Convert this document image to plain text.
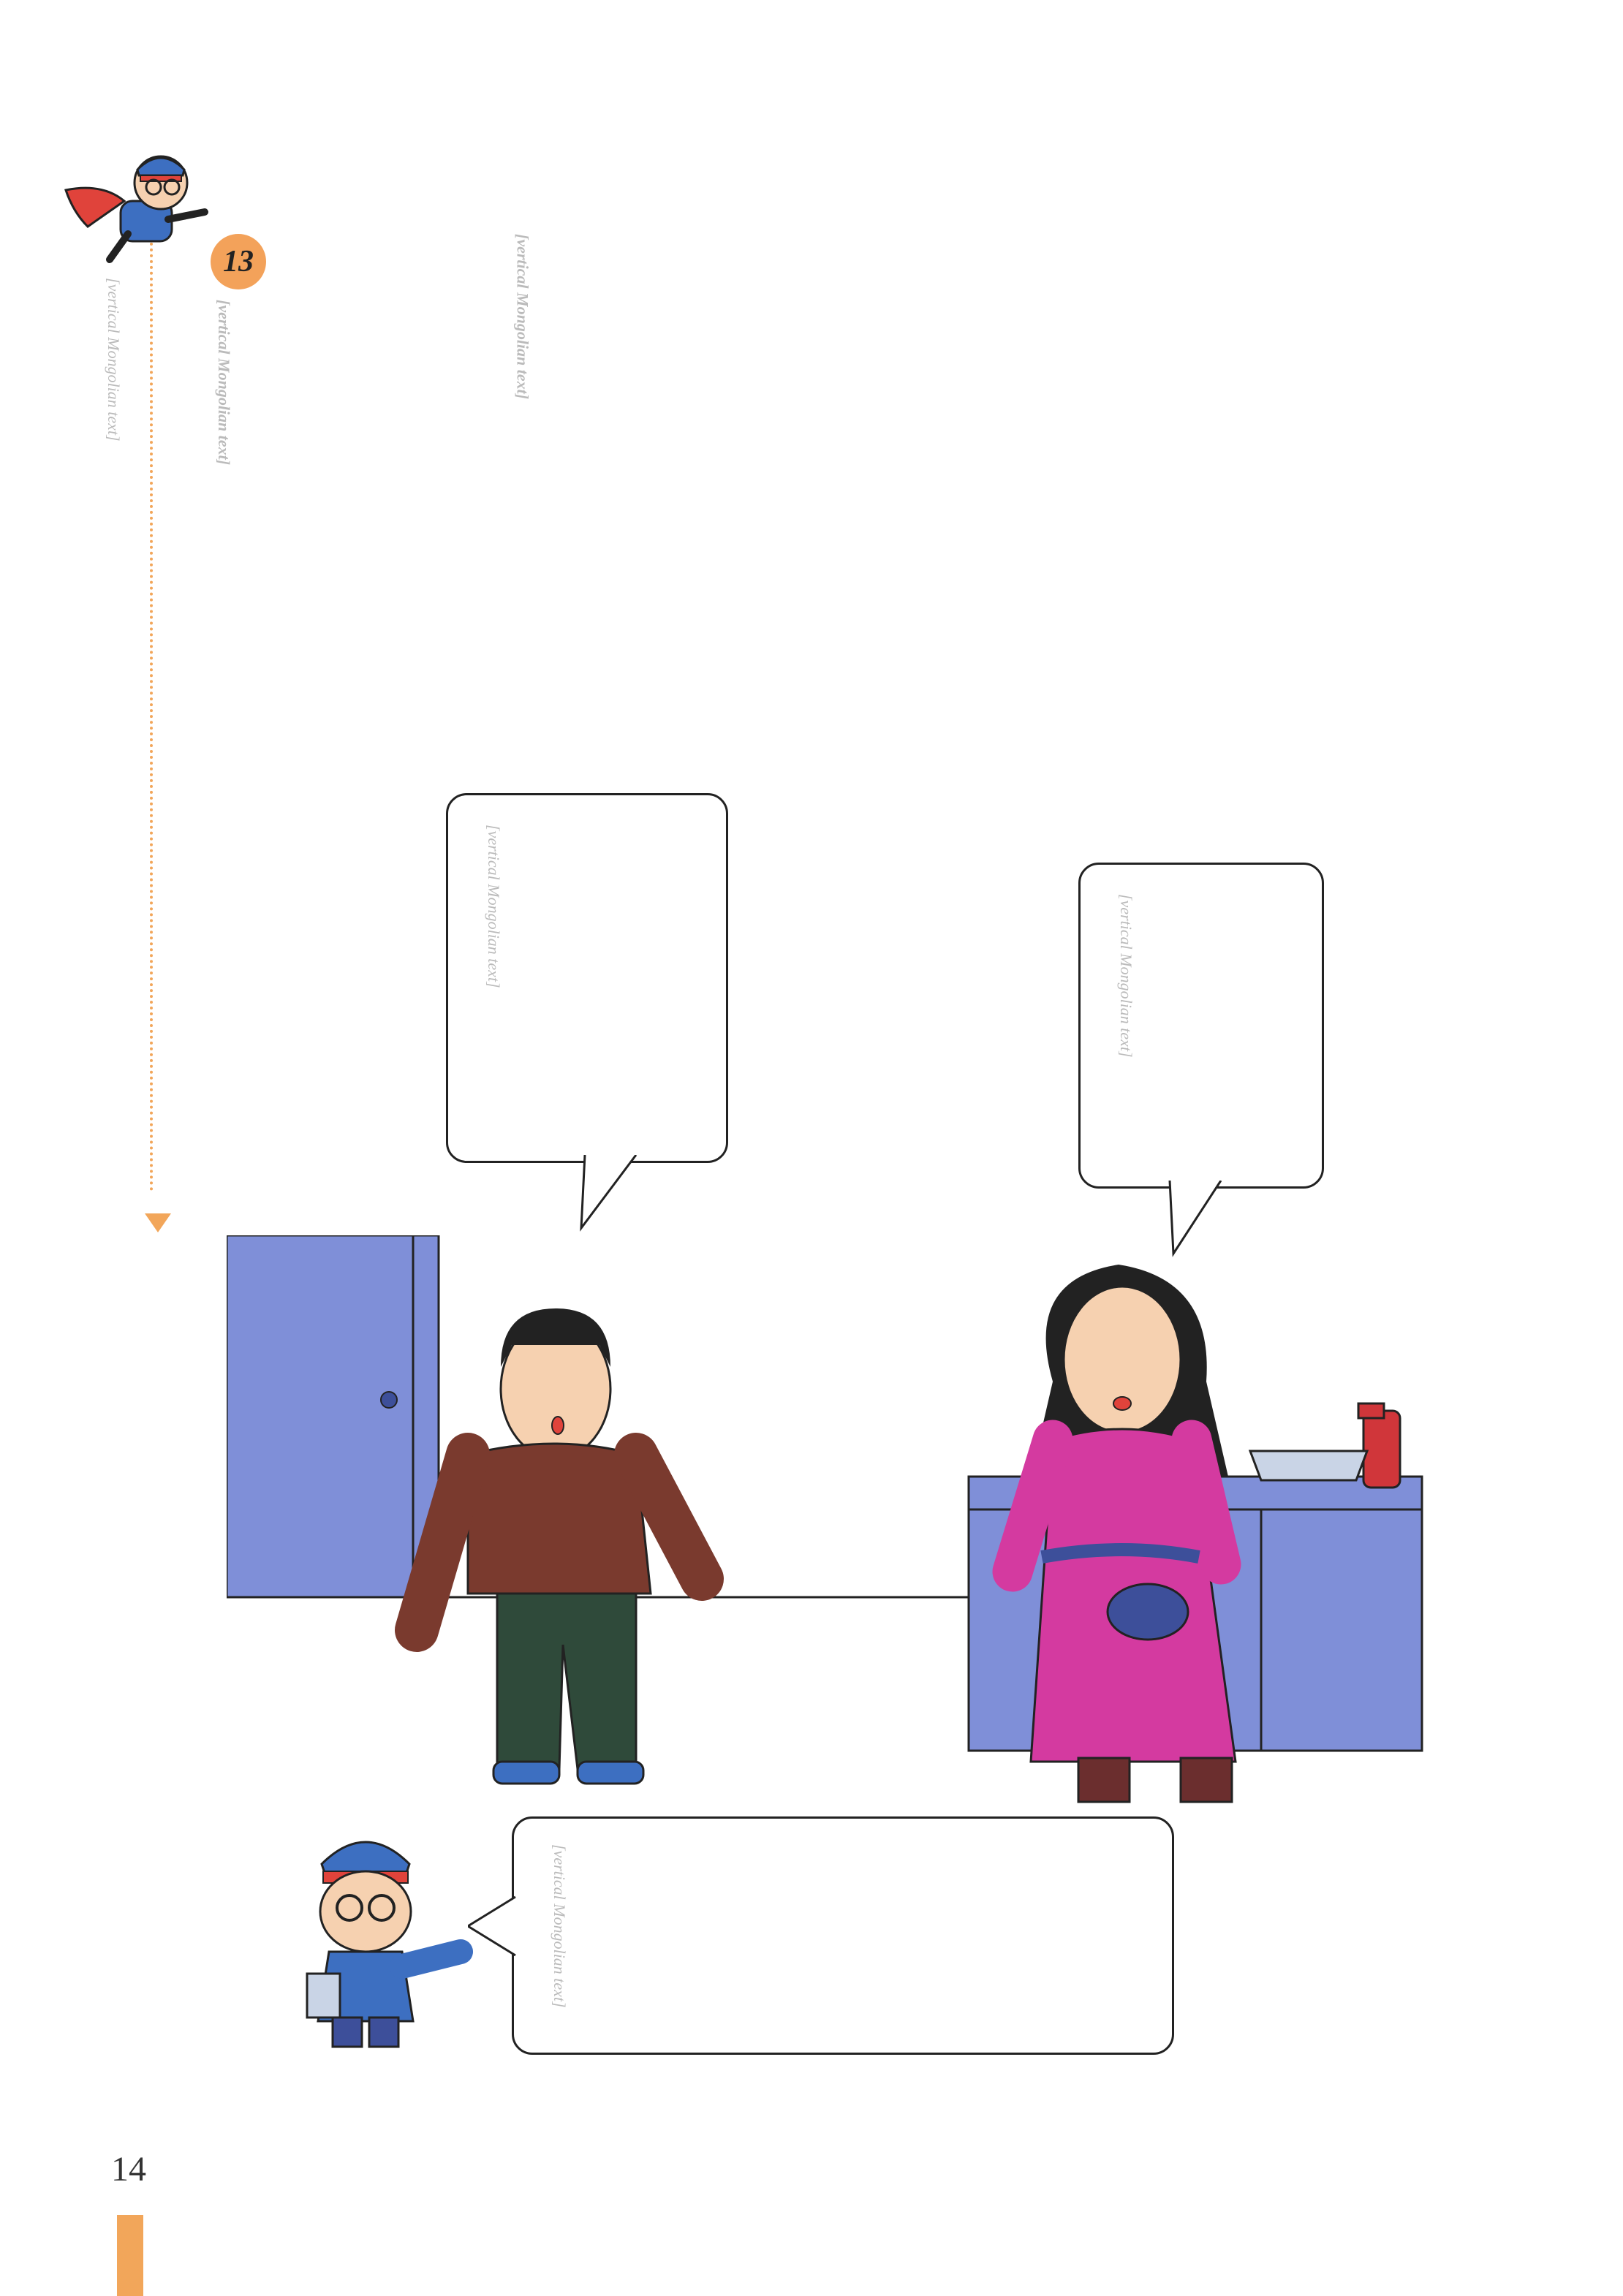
[vertical Mongolian text]
13
[vertical Mongolian text]
[vertical Mongolian text]
[vertical Mongolian text]
[vertical Mongolian text]
[vertical Mongolian text]
14
